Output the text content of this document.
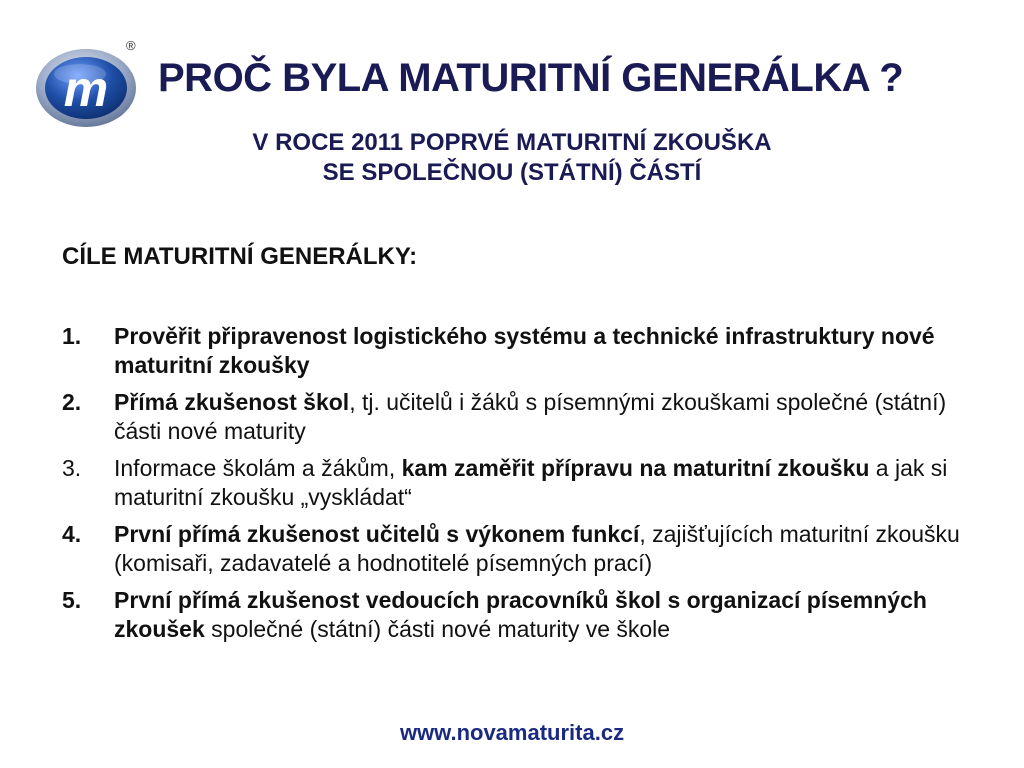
m
®
PROČ BYLA MATURITNÍ GENERÁLKA ?
V ROCE 2011 POPRVÉ MATURITNÍ ZKOUŠKA
SE SPOLEČNOU (STÁTNÍ) ČÁSTÍ
CÍLE MATURITNÍ GENERÁLKY:
1. Prověřit připravenost logistického systému a technické infrastruktury nové maturitní zkoušky
2. Přímá zkušenost škol, tj. učitelů i žáků s písemnými zkouškami společné (státní) části nové maturity
3. Informace školám a žákům, kam zaměřit přípravu na maturitní zkoušku a jak si maturitní zkoušku „vyskládat“
4. První přímá zkušenost učitelů s výkonem funkcí, zajišťujících maturitní zkoušku (komisaři, zadavatelé a hodnotitelé písemných prací)
5. První přímá zkušenost vedoucích pracovníků škol s organizací písemných zkoušek společné (státní) části nové maturity ve škole
www.novamaturita.cz
